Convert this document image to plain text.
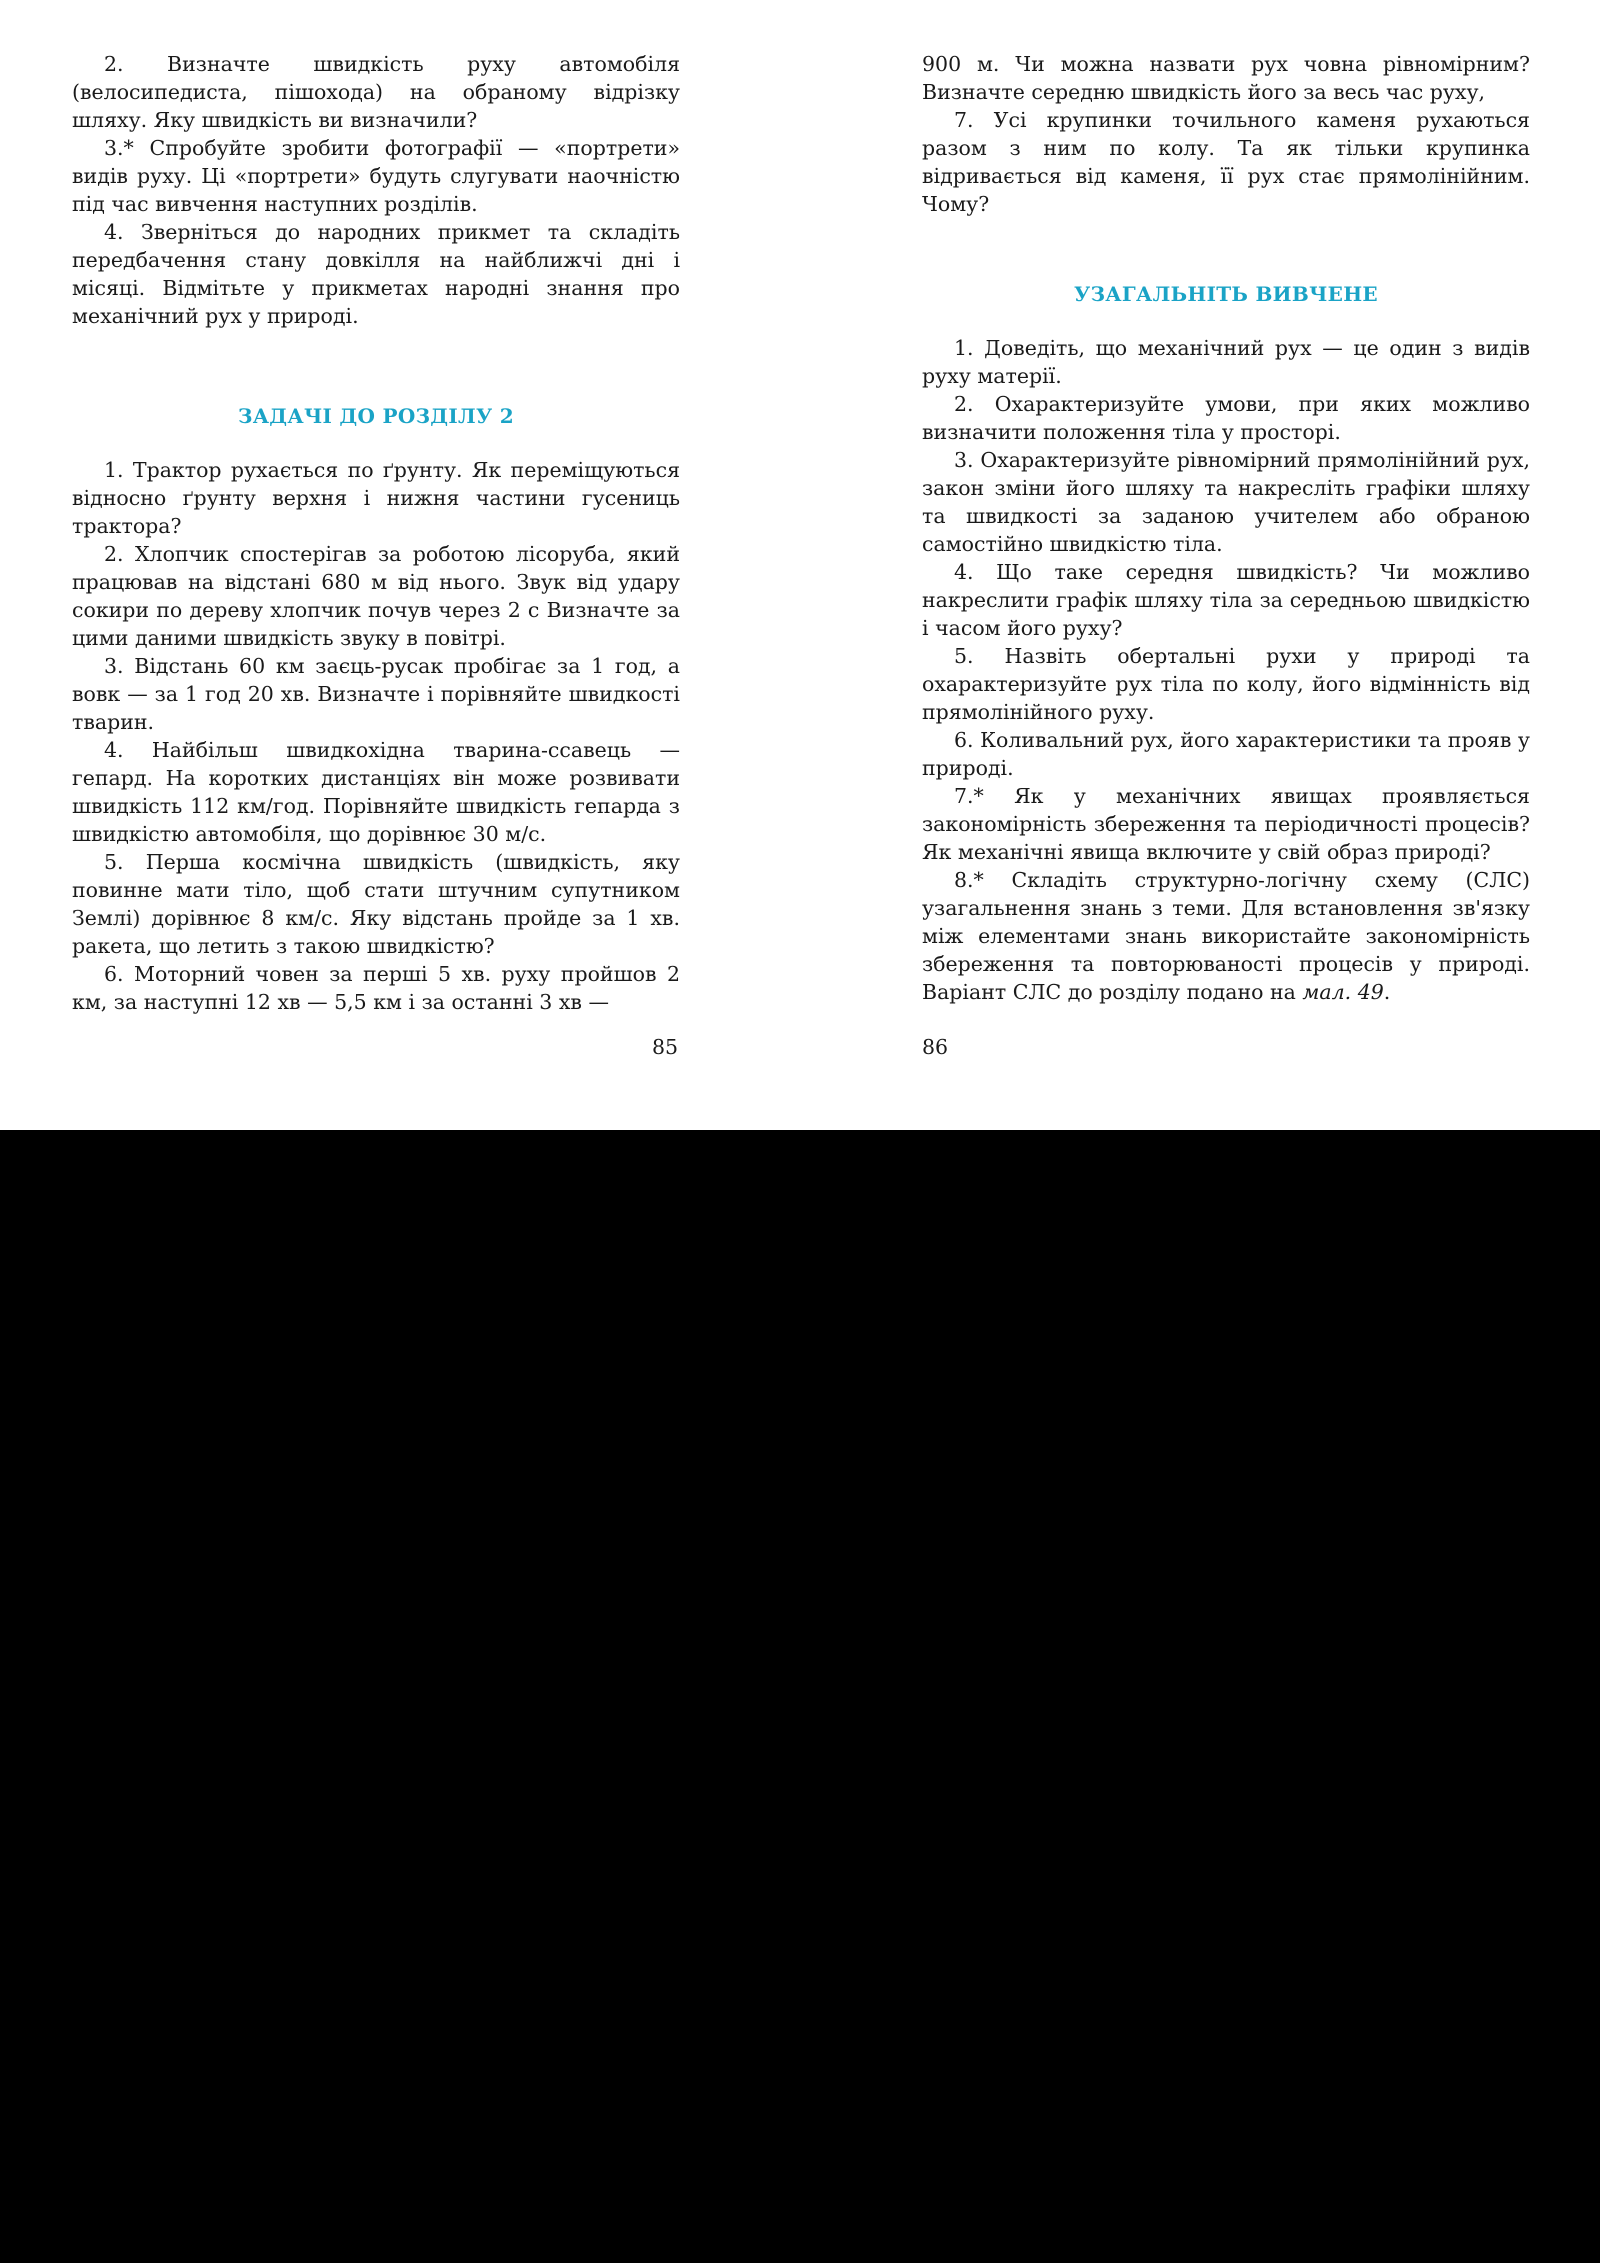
2. Визначте швидкість руху автомобіля (велосипедиста, пішохода) на обраному відрізку шляху. Яку швидкість ви визначили?

3.* Спробуйте зробити фотографії — «портрети» видів руху. Ці «портрети» будуть слугувати наочністю під час вивчення наступних розділів.

4. Зверніться до народних прикмет та складіть передбачення стану довкілля на найближчі дні і місяці. Відмітьте у прикметах народні знання про механічний рух у природі.

ЗАДАЧІ ДО РОЗДІЛУ 2

1. Трактор рухається по ґрунту. Як переміщуються відносно ґрунту верхня і нижня частини гусениць трактора?

2. Хлопчик спостерігав за роботою лісоруба, який працював на відстані 680 м від нього. Звук від удару сокири по дереву хлопчик почув через 2 с Визначте за цими даними швидкість звуку в повітрі.

3. Відстань 60 км заєць-русак пробігає за 1 год, а вовк — за 1 год 20 хв. Визначте і порівняйте швидкості тварин.

4. Найбільш швидкохідна тварина-ссавець — гепард. На коротких дистанціях він може розвивати швидкість 112 км/год. Порівняйте швидкість гепарда з швидкістю автомобіля, що дорівнює 30 м/с.

5. Перша космічна швидкість (швидкість, яку повинне мати тіло, щоб стати штучним супутником Землі) дорівнює 8 км/с. Яку відстань пройде за 1 хв. ракета, що летить з такою швидкістю?

6. Моторний човен за перші 5 хв. руху пройшов 2 км, за наступні 12 хв — 5,5 км і за останні 3 хв —

85

900 м. Чи можна назвати рух човна рівномірним? Визначте середню швидкість його за весь час руху,

7. Усі крупинки точильного каменя рухаються разом з ним по колу. Та як тільки крупинка відривається від каменя, її рух стає прямолінійним. Чому?

УЗАГАЛЬНІТЬ ВИВЧЕНЕ

1. Доведіть, що механічний рух — це один з видів руху матерії.

2. Охарактеризуйте умови, при яких можливо визначити положення тіла у просторі.

3. Охарактеризуйте рівномірний прямолінійний рух, закон зміни його шляху та накресліть графіки шляху та швидкості за заданою учителем або обраною самостійно швидкістю тіла.

4. Що таке середня швидкість? Чи можливо накреслити графік шляху тіла за середньою швидкістю і часом його руху?

5. Назвіть обертальні рухи у природі та охарактеризуйте рух тіла по колу, його відмінність від прямолінійного руху.

6. Коливальний рух, його характеристики та прояв у природі.

7.* Як у механічних явищах проявляється закономірність збереження та періодичності процесів? Як механічні явища включите у свій образ природі?

8.* Складіть структурно-логічну схему (СЛС) узагальнення знань з теми. Для встановлення зв'язку між елементами знань використайте закономірність збереження та повторюваності процесів у природі. Варіант СЛС до розділу подано на мал. 49.

86
